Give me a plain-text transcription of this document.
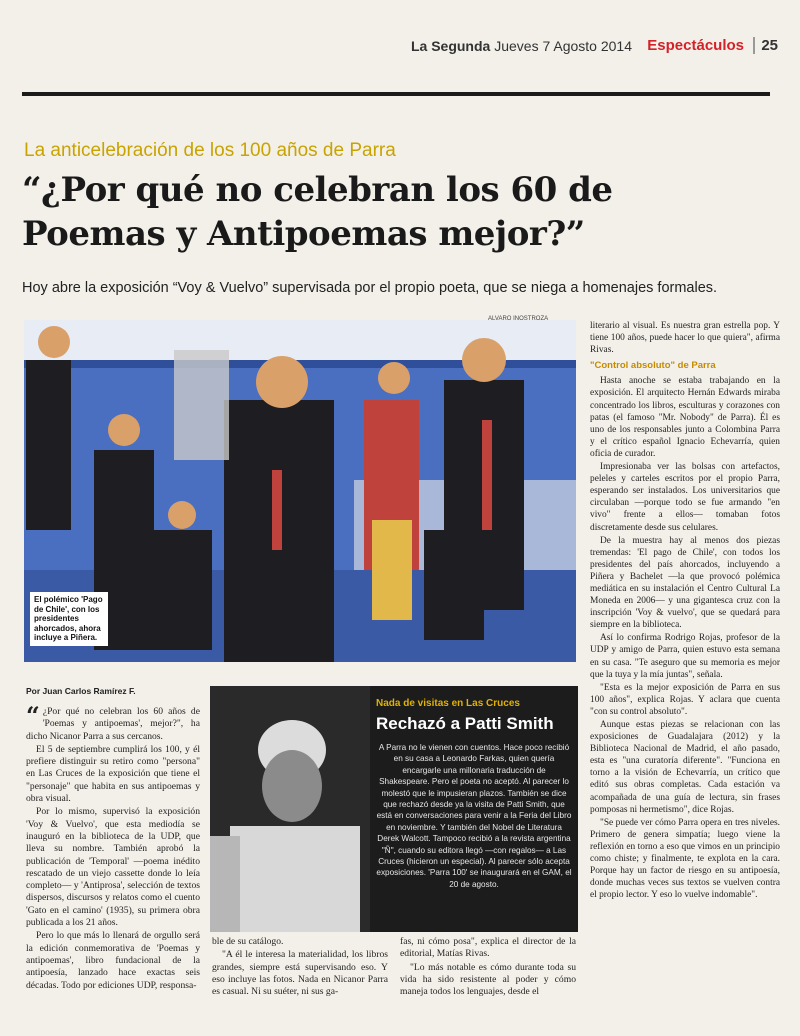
La Segunda Jueves 7 Agosto 2014 Espectáculos	25
La anticelebración de los 100 años de Parra
“¿Por qué no celebran los 60 de
Poemas y Antipoemas mejor?”
Hoy abre la exposición “Voy & Vuelvo” supervisada por el propio poeta, que se niega a homenajes formales.
ALVARO INOSTROZA
El polémico 'Pago de Chile', con los presidentes ahorcados, ahora incluye a Piñera.
Por Juan Carlos Ramírez F.

“ ¿Por qué no celebran los 60 años de 'Poemas y antipoemas', mejor?", ha dicho Nicanor Parra a sus cercanos.

El 5 de septiembre cumplirá los 100, y él prefiere distinguir su retiro como "persona" en Las Cruces de la exposición que tiene el "personaje" que habita en sus antipoemas y obra visual.

Por lo mismo, supervisó la exposición 'Voy & Vuelvo', que esta mediodía se inauguró en la biblioteca de la UDP, que lleva su nombre. También aprobó la publicación de 'Temporal' —poema inédito rescatado de un viejo cassette donde lo leía completo— y 'Antiprosa', selección de textos dispersos, discursos y relatos como el cuento 'Gato en el camino' (1935), su primera obra publicada a los 21 años.

Pero lo que más lo llenará de orgullo será la edición conmemorativa de 'Poemas y antipoemas', libro fundacional de la antipoesía, lanzado hace exactas seis décadas. Todo por ediciones UDP, responsa-

Nada de visitas en Las Cruces
Rechazó a Patti Smith
A Parra no le vienen con cuentos. Hace poco recibió en su casa a Leonardo Farkas, quien quería encargarle una millonaria traducción de Shakespeare. Pero el poeta no aceptó. Al parecer lo molestó que le impusieran plazos. También se dice que rechazó desde ya la visita de Patti Smith, que está en conversaciones para venir a la Feria del Libro en noviembre. Y también del Nobel de Literatura Derek Walcott. Tampoco recibió a la revista argentina "Ñ", cuando su editora llegó —con regalos— a Las Cruces (hicieron un especial). Al parecer sólo acepta exposiciones. 'Parra 100' se inaugurará en el GAM, el 20 de agosto.

ble de su catálogo.

"A él le interesa la materialidad, los libros grandes, siempre está supervisando eso. Y eso incluye las fotos. Nada en Nicanor Parra es casual. Ni su suéter, ni sus ga-

fas, ni cómo posa", explica el director de la editorial, Matías Rivas.

"Lo más notable es cómo durante toda su vida ha sido resistente al poder y cómo maneja todos los lenguajes, desde el

literario al visual. Es nuestra gran estrella pop. Y tiene 100 años, puede hacer lo que quiera", afirma Rivas.

"Control absoluto" de Parra

Hasta anoche se estaba trabajando en la exposición. El arquitecto Hernán Edwards miraba concentrado los libros, esculturas y corazones con patas (el famoso "Mr. Nobody" de Parra). Él es uno de los responsables junto a Colombina Parra y el crítico español Ignacio Echevarría, quien oficia de curador.

Impresionaba ver las bolsas con artefactos, peleles y carteles escritos por el propio Parra, esperando ser instalados. Los universitarios que circulaban —porque todo se fue armando "en vivo" frente a ellos— tomaban fotos discretamente desde sus celulares.

De la muestra hay al menos dos piezas tremendas: 'El pago de Chile', con todos los presidentes del país ahorcados, incluyendo a Piñera y Bachelet —la que provocó polémica mediática en su instalación el Centro Cultural La Moneda en 2006— y una gigantesca cruz con la inscripción 'Voy & vuelvo', que se quedará para siempre en la biblioteca.

Así lo confirma Rodrigo Rojas, profesor de la UDP y amigo de Parra, quien estuvo esta semana en su casa. "Te aseguro que su memoria es mejor que la tuya y la mía juntas", señala.

"Esta es la mejor exposición de Parra en sus 100 años", explica Rojas. Y aclara que cuenta "con su control absoluto".

Aunque estas piezas se relacionan con las exposiciones de Guadalajara (2012) y la Biblioteca Nacional de Madrid, el año pasado, esta es "una curatoría diferente". "Funciona en torno a la visión de Echevarría, un crítico que editó sus obras completas. Cada estación va acompañada de una guía de lectura, sin frases pomposas ni hermetismo", dice Rojas.

"Se puede ver cómo Parra opera en tres niveles. Primero de genera simpatía; luego viene la reflexión en torno a eso que vimos en un principio como chiste; y finalmente, te explota en la cara. Porque hay un factor de riesgo en su antipoesía, donde muchas veces sus textos se vuelven contra el propio lector. Y eso lo vuelve indomable".
